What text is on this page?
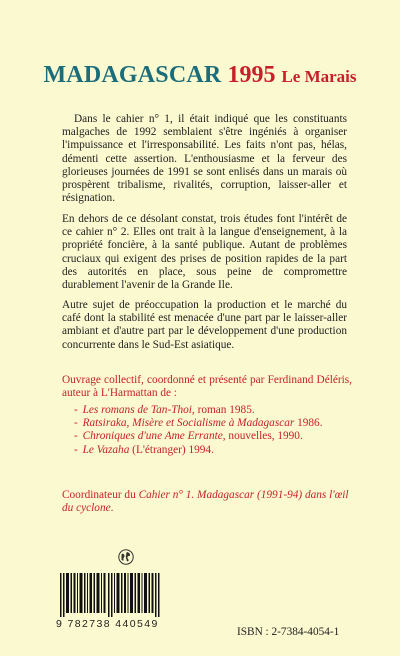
MADAGASCAR 1995 Le Marais

Dans le cahier n° 1, il était indiqué que les constituants malgaches de 1992 semblaient s'être ingéniés à organiser l'impuissance et l'irresponsabilité. Les faits n'ont pas, hélas, démenti cette assertion. L'enthousiasme et la ferveur des glorieuses journées de 1991 se sont enlisés dans un marais où prospèrent tribalisme, rivalités, corruption, laisser-aller et résignation.

En dehors de ce désolant constat, trois études font l'intérêt de ce cahier n° 2. Elles ont trait à la langue d'enseignement, à la propriété foncière, à la santé publique. Autant de problèmes cruciaux qui exigent des prises de position rapides de la part des autorités en place, sous peine de compromettre durablement l'avenir de la Grande Ile.

Autre sujet de préoccupation la production et le marché du café dont la stabilité est menacée d'une part par le laisser-aller ambiant et d'autre part par le développement d'une production concurrente dans le Sud-Est asiatique.

Ouvrage collectif, coordonné et présenté par Ferdinand Déléris, auteur à L'Harmattan de :
- Les romans de Tan-Thoi, roman 1985.
- Ratsiraka, Misère et Socialisme à Madagascar 1986.
- Chroniques d'une Ame Errante, nouvelles, 1990.
- Le Vazaha (L'étranger) 1994.
Coordinateur du Cahier n° 1. Madagascar (1991-94) dans l'œil du cyclone.
9 782738 440549
ISBN : 2-7384-4054-1
